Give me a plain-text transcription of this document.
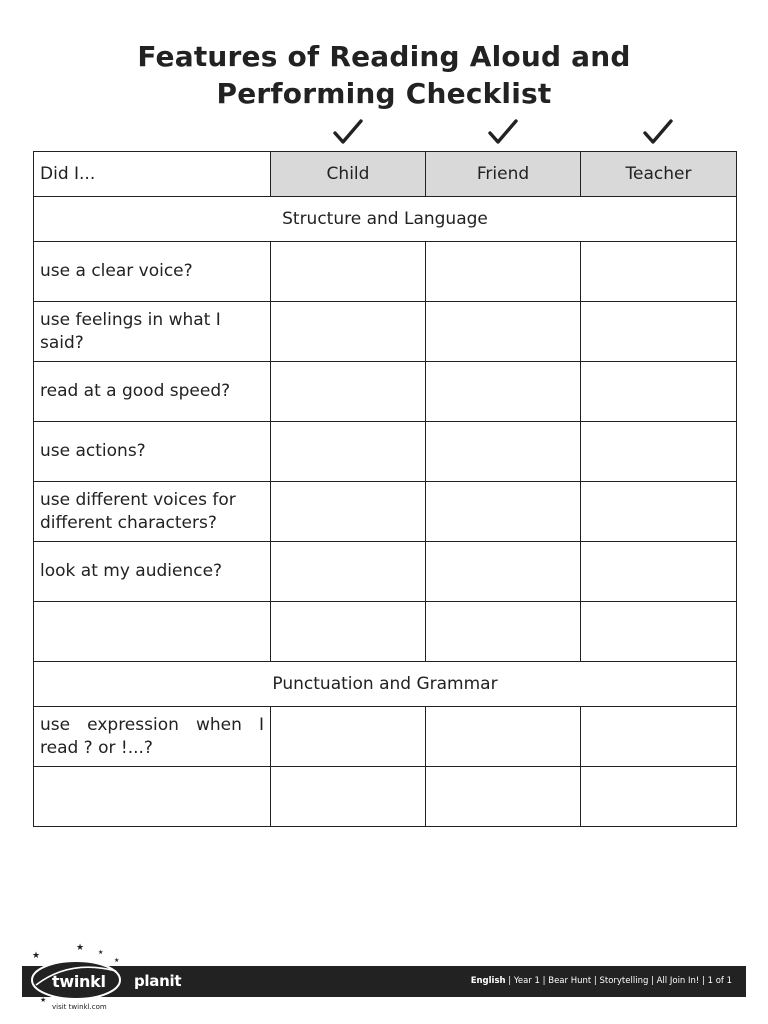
Features of Reading Aloud and
Performing Checklist
Did I...	Child	Friend	Teacher
Structure and Language			
use a clear voice?			
use feelings in what I said?			
read at a good speed?			
use actions?			
use different voices for different characters?			
look at my audience?			

Punctuation and Grammar			
use expression when I read ? or !...?			

★
★ ★
★
★
twinkl planit
visit twinkl.com
English | Year 1 | Bear Hunt | Storytelling | All Join In! | 1 of 1
